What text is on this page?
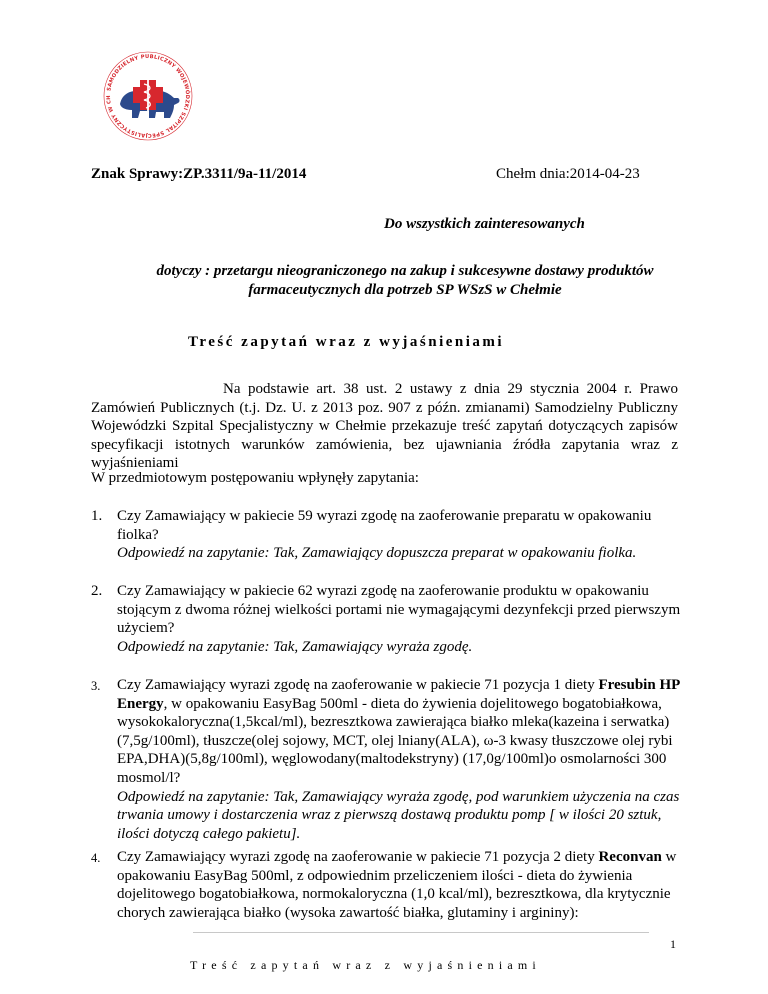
SAMODZIELNY PUBLICZNY WOJEWÓDZKI SZPITAL SPECJALISTYCZNY W CH
Znak Sprawy:ZP.3311/9a-11/2014	Chełm dnia:2014-04-23
Do wszystkich zainteresowanych
dotyczy : przetargu nieograniczonego na zakup i sukcesywne dostawy produktów
farmaceutycznych dla potrzeb SP WSzS w Chełmie
Treść zapytań wraz z wyjaśnieniami
Na podstawie art. 38 ust. 2 ustawy z dnia 29 stycznia 2004 r. Prawo Zamówień Publicznych (t.j. Dz. U. z 2013 poz. 907 z późn. zmianami) Samodzielny Publiczny Wojewódzki Szpital Specjalistyczny w Chełmie przekazuje treść zapytań dotyczących zapisów specyfikacji istotnych warunków zamówienia, bez ujawniania źródła zapytania wraz z wyjaśnieniami
W przedmiotowym postępowaniu wpłynęły zapytania:
1. Czy Zamawiający w pakiecie 59 wyrazi zgodę na zaoferowanie preparatu w opakowaniu fiolka?
Odpowiedź na zapytanie: Tak, Zamawiający dopuszcza preparat w opakowaniu fiolka.
2. Czy Zamawiający w pakiecie 62 wyrazi zgodę na zaoferowanie produktu w opakowaniu stojącym z dwoma różnej wielkości portami nie wymagającymi dezynfekcji przed pierwszym użyciem?
Odpowiedź na zapytanie: Tak, Zamawiający wyraża zgodę.
3. Czy Zamawiający wyrazi zgodę na zaoferowanie w pakiecie 71 pozycja 1 diety Fresubin HP Energy, w opakowaniu EasyBag 500ml - dieta do żywienia dojelitowego bogatobiałkowa, wysokokaloryczna(1,5kcal/ml), bezresztkowa zawierająca białko mleka(kazeina i serwatka)(7,5g/100ml), tłuszcze(olej sojowy, MCT, olej lniany(ALA), ω-3 kwasy tłuszczowe olej rybi EPA,DHA)(5,8g/100ml), węglowodany(maltodekstryny) (17,0g/100ml)o osmolarności 300 mosmol/l?
Odpowiedź na zapytanie: Tak, Zamawiający wyraża zgodę, pod warunkiem użyczenia na czas trwania umowy i dostarczenia wraz z pierwszą dostawą produktu pomp [ w ilości 20 sztuk, ilości dotyczą całego pakietu].
4. Czy Zamawiający wyrazi zgodę na zaoferowanie w pakiecie 71 pozycja 2 diety Reconvan w opakowaniu EasyBag 500ml, z odpowiednim przeliczeniem ilości - dieta do żywienia dojelitowego bogatobiałkowa, normokaloryczna (1,0 kcal/ml), bezresztkowa, dla krytycznie chorych zawierająca białko (wysoka zawartość białka, glutaminy i argininy):
1
Treść zapytań wraz z wyjaśnieniami
